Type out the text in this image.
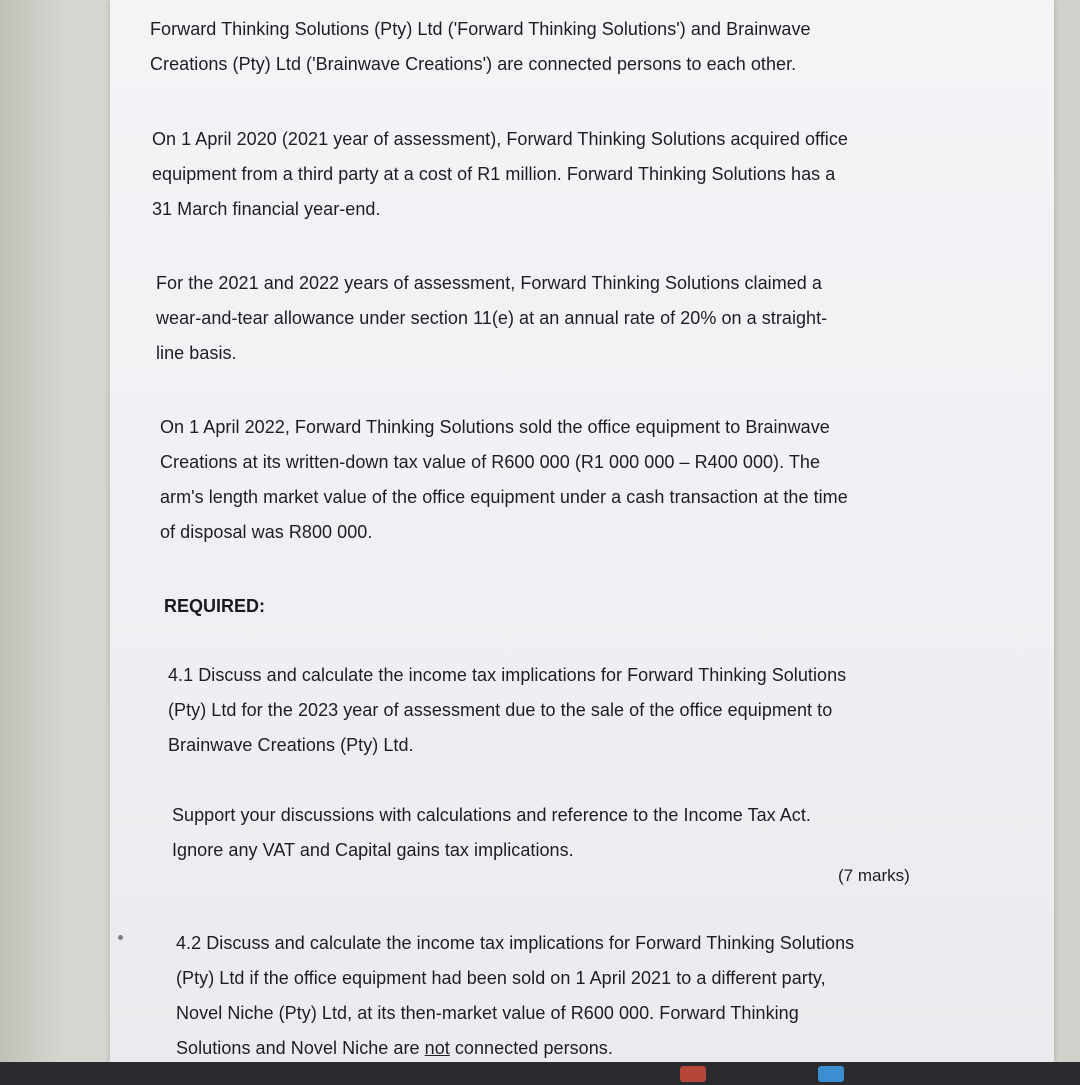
Forward Thinking Solutions (Pty) Ltd ('Forward Thinking Solutions') and Brainwave
Creations (Pty) Ltd ('Brainwave Creations') are connected persons to each other.

On 1 April 2020 (2021 year of assessment), Forward Thinking Solutions acquired office
equipment from a third party at a cost of R1 million. Forward Thinking Solutions has a
31 March financial year-end.

For the 2021 and 2022 years of assessment, Forward Thinking Solutions claimed a
wear-and-tear allowance under section 11(e) at an annual rate of 20% on a straight-
line basis.

On 1 April 2022, Forward Thinking Solutions sold the office equipment to Brainwave
Creations at its written-down tax value of R600 000 (R1 000 000 – R400 000). The
arm's length market value of the office equipment under a cash transaction at the time
of disposal was R800 000.

REQUIRED:

4.1 Discuss and calculate the income tax implications for Forward Thinking Solutions
(Pty) Ltd for the 2023 year of assessment due to the sale of the office equipment to
Brainwave Creations (Pty) Ltd.

Support your discussions with calculations and reference to the Income Tax Act.
Ignore any VAT and Capital gains tax implications.

(7 marks)

4.2 Discuss and calculate the income tax implications for Forward Thinking Solutions
(Pty) Ltd if the office equipment had been sold on 1 April 2021 to a different party,
Novel Niche (Pty) Ltd, at its then-market value of R600 000. Forward Thinking
Solutions and Novel Niche are not connected persons.
